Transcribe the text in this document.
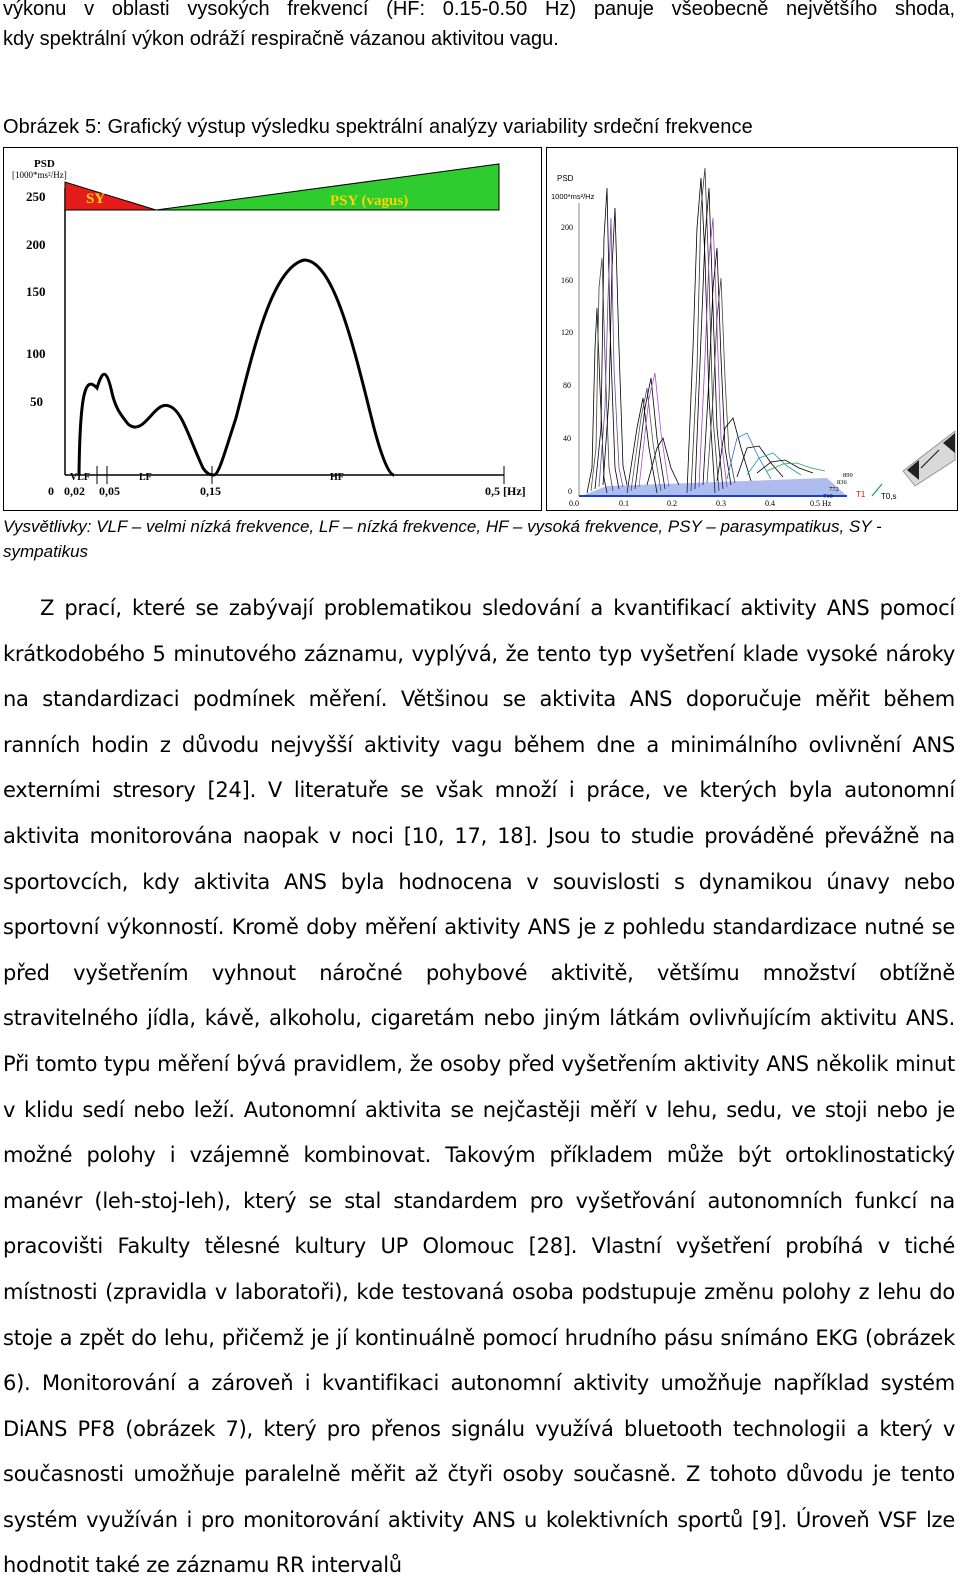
výkonu v oblasti vysokých frekvencí (HF: 0.15-0.50 Hz) panuje všeobecně největšího shoda,

kdy spektrální výkon odráží respiračně vázanou aktivitou vagu.

Obrázek 5: Grafický výstup výsledku spektrální analýzy variability srdeční frekvence
PSD
[1000*ms²/Hz]
250
200
150
100
50
VLF	LF	HF
0 0,02 0,05	0,15	0,5 [Hz]
SY	PSY (vagus)
PSD
1000*ms²/Hz
200
160
120
80
40
0
0.0	0.1	0.2	0.3	0.4	0.5 Hz
899
836
772
710	T1 T0,s
Vysvětlivky: VLF – velmi nízká frekvence, LF – nízká frekvence, HF – vysoká frekvence, PSY – parasympatikus, SY - sympatikus
Z prací, které se zabývají problematikou sledování a kvantifikací aktivity ANS pomocí krátkodobého 5 minutového záznamu, vyplývá, že tento typ vyšetření klade vysoké nároky na standardizaci podmínek měření. Většinou se aktivita ANS doporučuje měřit během ranních hodin z důvodu nejvyšší aktivity vagu během dne a minimálního ovlivnění ANS externími stresory [24]. V literatuře se však množí i práce, ve kterých byla autonomní aktivita monitorována naopak v noci [10, 17, 18]. Jsou to studie prováděné převážně na sportovcích, kdy aktivita ANS byla hodnocena v souvislosti s dynamikou únavy nebo sportovní výkonností. Kromě doby měření aktivity ANS je z pohledu standardizace nutné se před vyšetřením vyhnout náročné pohybové aktivitě, většímu množství obtížně stravitelného jídla, kávě, alkoholu, cigaretám nebo jiným látkám ovlivňujícím aktivitu ANS. Při tomto typu měření bývá pravidlem, že osoby před vyšetřením aktivity ANS několik minut v klidu sedí nebo leží. Autonomní aktivita se nejčastěji měří v lehu, sedu, ve stoji nebo je možné polohy i vzájemně kombinovat. Takovým příkladem může být ortoklinostatický manévr (leh-stoj-leh), který se stal standardem pro vyšetřování autonomních funkcí na pracovišti Fakulty tělesné kultury UP Olomouc [28]. Vlastní vyšetření probíhá v tiché místnosti (zpravidla v laboratoři), kde testovaná osoba podstupuje změnu polohy z lehu do stoje a zpět do lehu, přičemž je jí kontinuálně pomocí hrudního pásu snímáno EKG (obrázek 6). Monitorování a zároveň i kvantifikaci autonomní aktivity umožňuje například systém DiANS PF8 (obrázek 7), který pro přenos signálu využívá bluetooth technologii a který v současnosti umožňuje paralelně měřit až čtyři osoby současně. Z tohoto důvodu je tento systém využíván i pro monitorování aktivity ANS u kolektivních sportů [9]. Úroveň VSF lze hodnotit také ze záznamu RR intervalů
